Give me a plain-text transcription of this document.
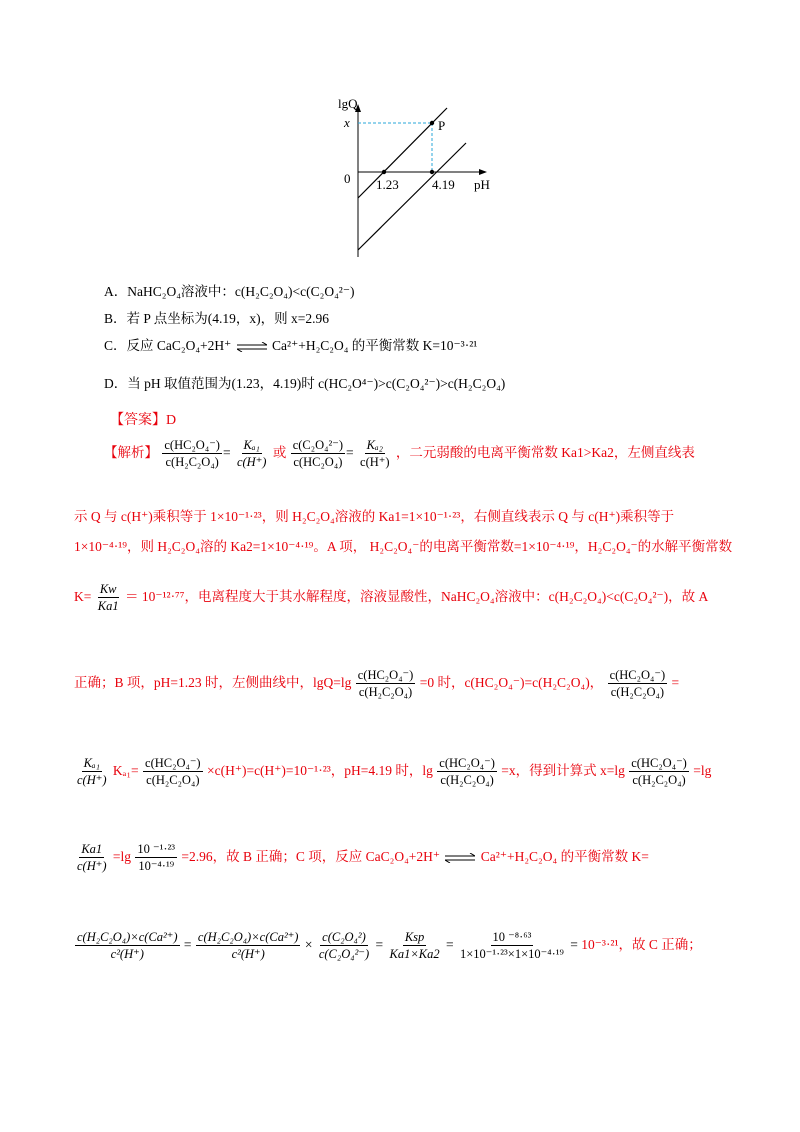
lgQ
x
0
P
1.23	4.19 pH
A．NaHC₂O₄溶液中：c(H₂C₂O₄)<c(C₂O₄²⁻)
B．若 P 点坐标为(4.19，x)，则 x=2.96
C．反应 CaC₂O₄+2H⁺ ⇌ Ca²⁺+H₂C₂O₄ 的平衡常数 K=10⁻³·²¹
D．当 pH 取值范围为(1.23，4.19)时 c(HC₂O⁴⁻)>c(C₂O₄²⁻)>c(H₂C₂O₄)
【答案】D
【解析】 $\frac{\text{c(HC₂O₄⁻)}}{\text{c(H₂C₂O₄)}} = \frac{\text{Kₐ₁}}{c(H^+)}$ 或 $\frac{\text{c(C₂O₄²⁻)}}{\text{c(HC₂O₄)}} = \frac{\text{Kₐ₂}}{c(H^+)}$ ，二元弱酸的电离平衡常数 Ka1>Ka2，左侧直线表
示 Q 与 c(H⁺)乘积等于 1×10⁻¹·²³，则 H₂C₂O₄溶液的 Ka1=1×10⁻¹·²³，右侧直线表示 Q 与 c(H⁺)乘积等于
1×10⁻⁴·¹⁹，则 H₂C₂O₄溶的 Ka2=1×10⁻⁴·¹⁹。A 项， H₂C₂O₄⁻的电离平衡常数=1×10⁻⁴·¹⁹，H₂C₂O₄⁻的水解平衡常数
$K= \frac{Kw}{Ka1} = 10^{-12}\cdot^{77}$，电离程度大于其水解程度，溶液显酸性，NaHC₂O₄溶液中：c(H₂C₂O₄)<c(C₂O₄²⁻)，故 A
正确；B 项，pH=1.23 时，左侧曲线中，$\lg Q=\lg \frac{\text{c(HC₂O₄⁻)}}{\text{c(H₂C₂O₄)}} =0$ 时，c(HC₂O₄⁻)=c(H₂C₂O₄)， $\frac{\text{c(HC₂O₄⁻)}}{\text{c(H₂C₂O₄)}}$ =
$\frac{\text{Kₐ₁}}{c(H^+)} K_{a1}= \frac{\text{c(HC₂O₄⁻)}}{\text{c(H₂C₂O₄)}} \times c(H^+)=c(H^+)=10^{-1}\cdot^{23}$，pH=4.19 时，$\lg \frac{\text{c(HC₂O₄⁻)}}{\text{c(H₂C₂O₄)}} =x$，得到计算式 $x=\lg \frac{\text{c(HC₂O₄⁻)}}{\text{c(H₂C₂O₄)}} =\lg$
$\frac{Ka1}{c(H^+)} =\lg \frac{\text{10 ⁻¹·²³}}{\text{10⁻⁴·¹⁹}} =2.96$，故 B 正确；C 项，反应 CaC₂O₄+2H⁺ ⇌ Ca²⁺+H₂C₂O₄ 的平衡常数 K=
$\frac{\text{c(H₂C₂O₄)×c(Ca²⁺)}}{\text{c²(H⁺)}} = \frac{\text{c(H₂C₂O₄)×c(Ca²⁺)}}{\text{c²(H⁺)}} \times \frac{\text{c(C₂O₄²)}}{\text{c(C₂O₄²⁻)}} = \frac{\text{Ksp}}{Ka1\times Ka2} = \frac{\text{10 ⁻⁸·⁶³}}{\text{1×10⁻¹·²³×1×10⁻⁴·¹⁹}} = 10^{-3}\cdot^{21}$，故 C 正确；
